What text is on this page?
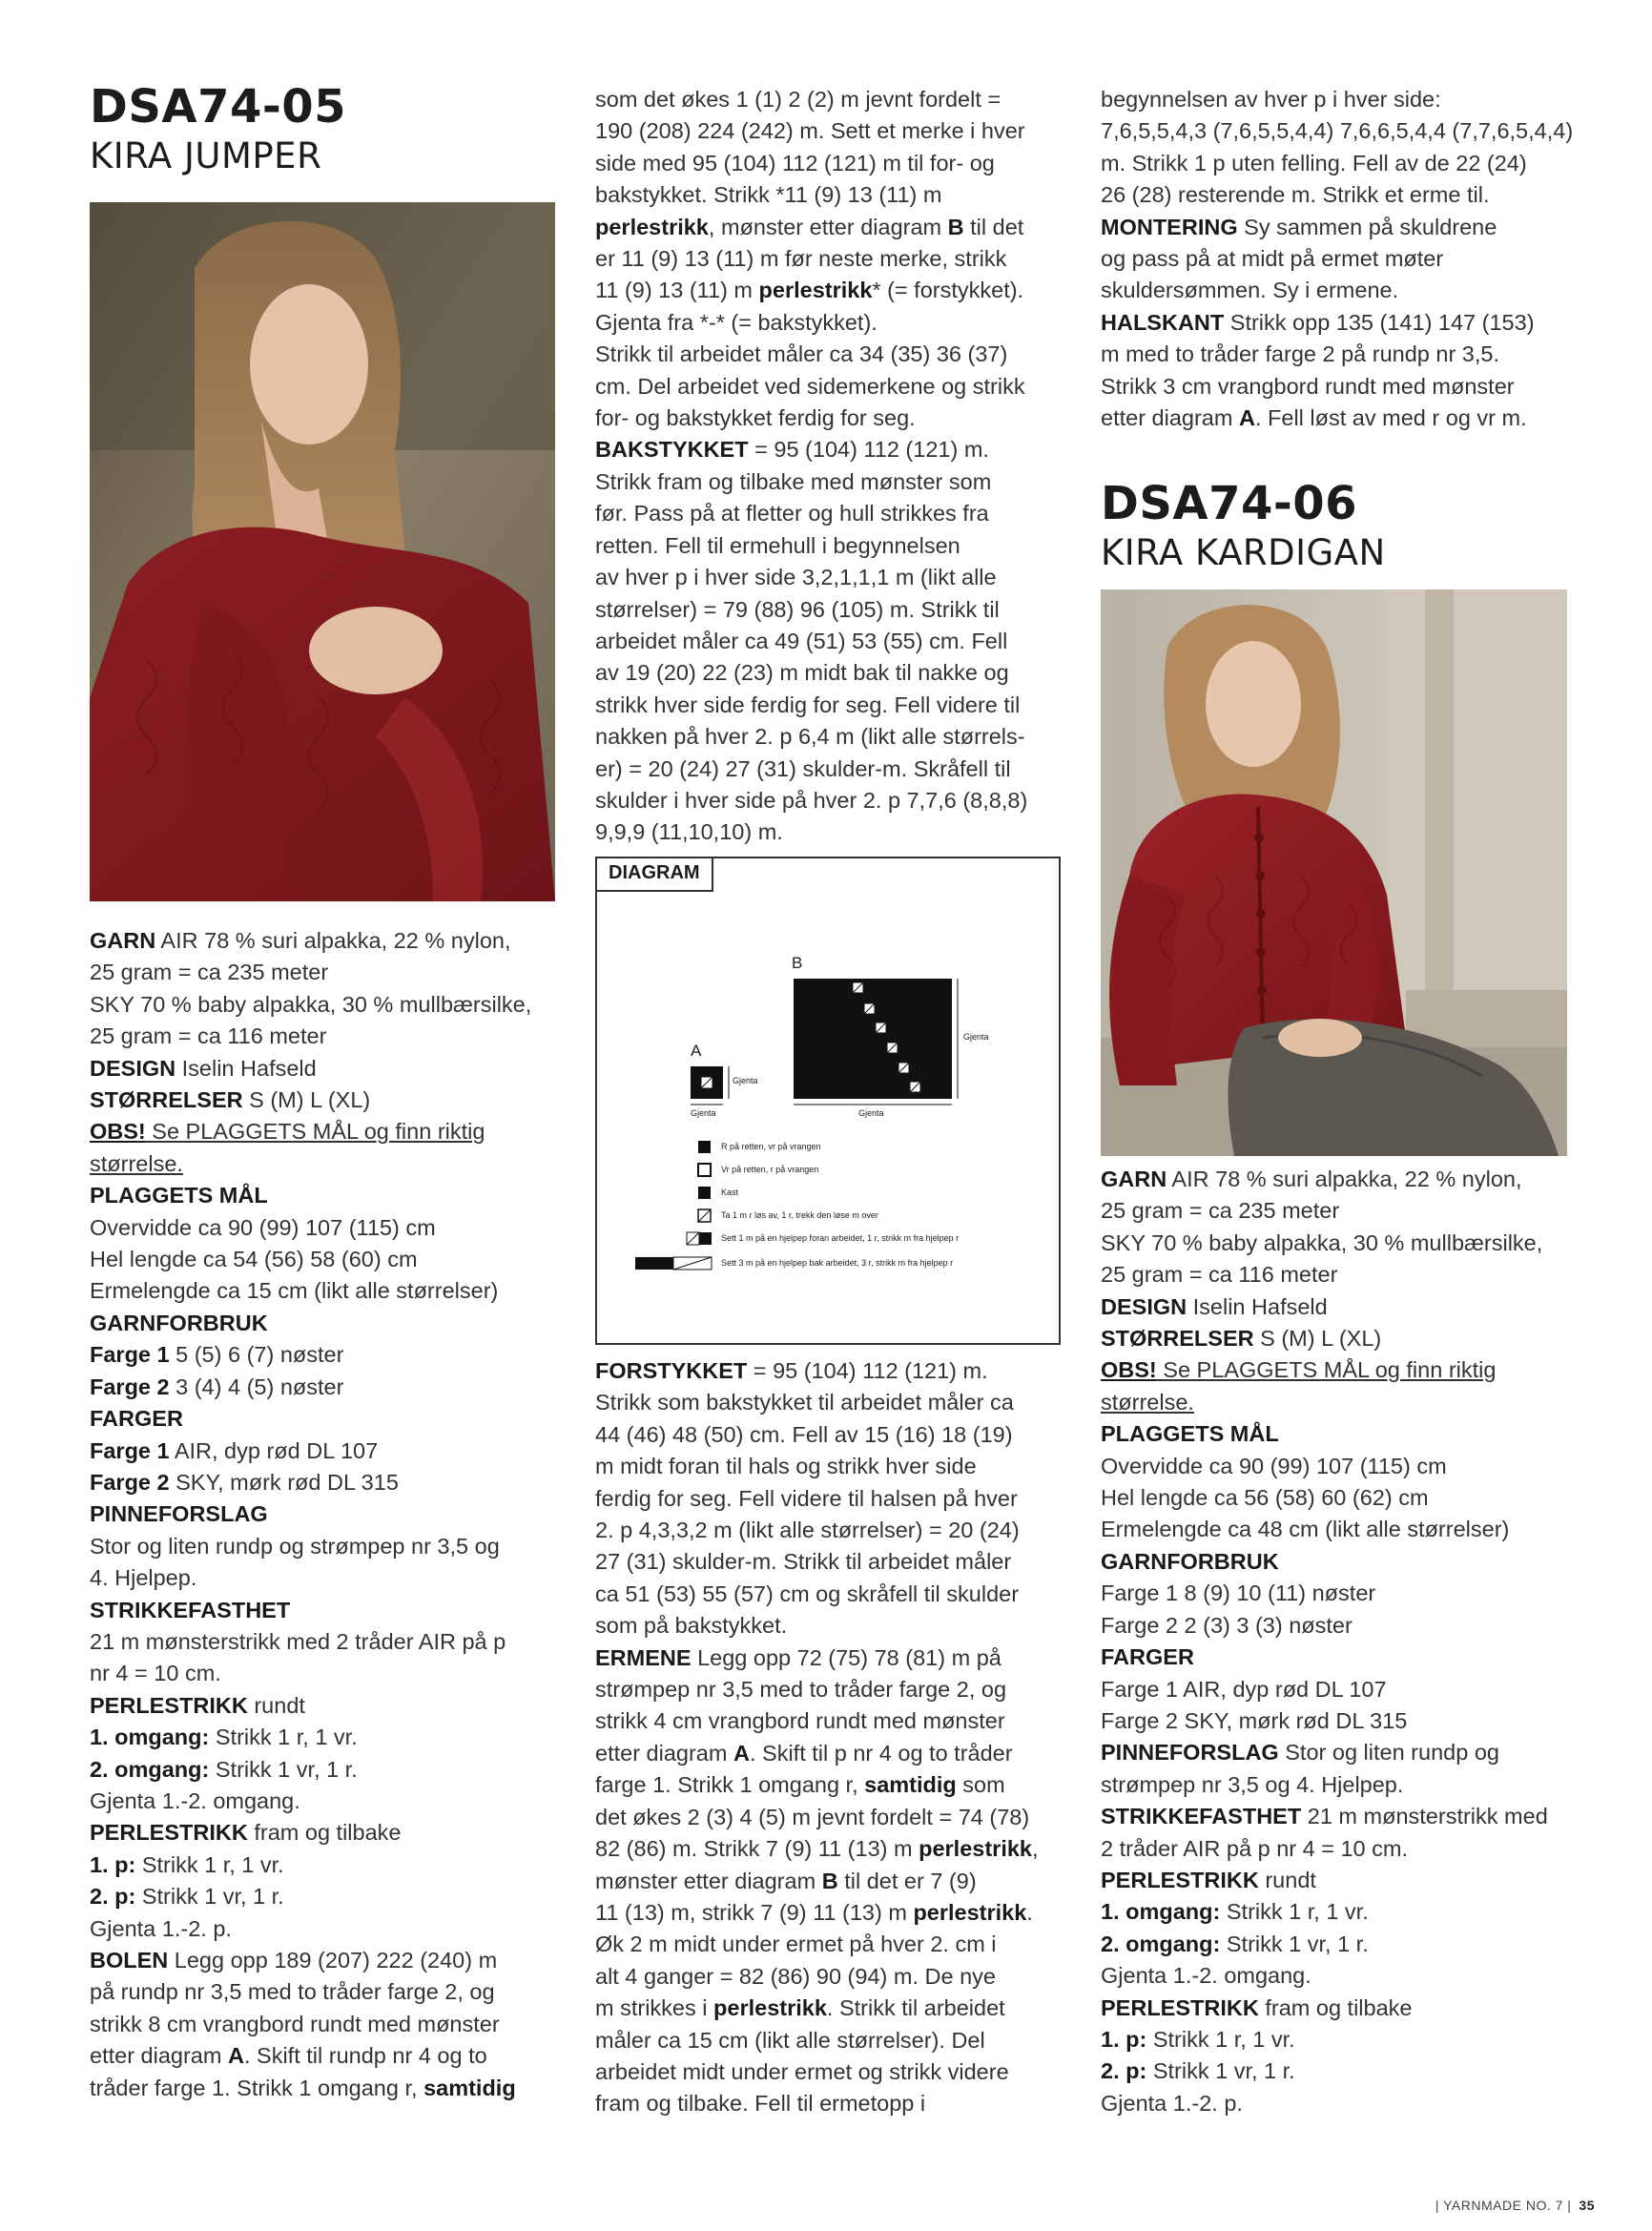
DSA74-05
KIRA JUMPER

GARN AIR 78 % suri alpakka, 22 % nylon,

25 gram = ca 235 meter

SKY 70 % baby alpakka, 30 % mullbærsilke,

25 gram = ca 116 meter

DESIGN Iselin Hafseld

STØRRELSER S (M) L (XL)

OBS! Se PLAGGETS MÅL og finn riktig

størrelse.

PLAGGETS MÅL

Overvidde ca 90 (99) 107 (115) cm

Hel lengde ca 54 (56) 58 (60) cm

Ermelengde ca 15 cm (likt alle størrelser)

GARNFORBRUK

Farge 1 5 (5) 6 (7) nøster

Farge 2 3 (4) 4 (5) nøster

FARGER

Farge 1 AIR, dyp rød DL 107

Farge 2 SKY, mørk rød DL 315

PINNEFORSLAG

Stor og liten rundp og strømpep nr 3,5 og

4. Hjelpep.

STRIKKEFASTHET

21 m mønsterstrikk med 2 tråder AIR på p

nr 4 = 10 cm.

PERLESTRIKK rundt

1. omgang: Strikk 1 r, 1 vr.

2. omgang: Strikk 1 vr, 1 r.

Gjenta 1.-2. omgang.

PERLESTRIKK fram og tilbake

1. p: Strikk 1 r, 1 vr.

2. p: Strikk 1 vr, 1 r.

Gjenta 1.-2. p.

BOLEN Legg opp 189 (207) 222 (240) m

på rundp nr 3,5 med to tråder farge 2, og

strikk 8 cm vrangbord rundt med mønster

etter diagram A. Skift til rundp nr 4 og to

tråder farge 1. Strikk 1 omgang r, samtidig

som det økes 1 (1) 2 (2) m jevnt fordelt =

190 (208) 224 (242) m. Sett et merke i hver

side med 95 (104) 112 (121) m til for- og

bakstykket. Strikk *11 (9) 13 (11) m

perlestrikk, mønster etter diagram B til det

er 11 (9) 13 (11) m før neste merke, strikk

11 (9) 13 (11) m perlestrikk* (= forstykket).

Gjenta fra *-* (= bakstykket).

Strikk til arbeidet måler ca 34 (35) 36 (37)

cm. Del arbeidet ved sidemerkene og strikk

for- og bakstykket ferdig for seg.

BAKSTYKKET = 95 (104) 112 (121) m.

Strikk fram og tilbake med mønster som

før. Pass på at fletter og hull strikkes fra

retten. Fell til ermehull i begynnelsen

av hver p i hver side 3,2,1,1,1 m (likt alle

størrelser) = 79 (88) 96 (105) m. Strikk til

arbeidet måler ca 49 (51) 53 (55) cm. Fell

av 19 (20) 22 (23) m midt bak til nakke og

strikk hver side ferdig for seg. Fell videre til

nakken på hver 2. p 6,4 m (likt alle størrels-

er) = 20 (24) 27 (31) skulder-m. Skråfell til

skulder i hver side på hver 2. p 7,7,6 (8,8,8)

9,9,9 (11,10,10) m.

DIAGRAM
B
A
Gjenta
Gjenta
Gjenta
Gjenta
R på retten, vr på vrangen
Vr på retten, r på vrangen
Kast
Ta 1 m r løs av, 1 r, trekk den løse m over
Sett 1 m på en hjelpep foran arbeidet, 1 r, strikk m fra hjelpep r
Sett 3 m på en hjelpep bak arbeidet, 3 r, strikk m fra hjelpep r

FORSTYKKET = 95 (104) 112 (121) m.

Strikk som bakstykket til arbeidet måler ca

44 (46) 48 (50) cm. Fell av 15 (16) 18 (19)

m midt foran til hals og strikk hver side

ferdig for seg. Fell videre til halsen på hver

2. p 4,3,3,2 m (likt alle størrelser) = 20 (24)

27 (31) skulder-m. Strikk til arbeidet måler

ca 51 (53) 55 (57) cm og skråfell til skulder

som på bakstykket.

ERMENE Legg opp 72 (75) 78 (81) m på

strømpep nr 3,5 med to tråder farge 2, og

strikk 4 cm vrangbord rundt med mønster

etter diagram A. Skift til p nr 4 og to tråder

farge 1. Strikk 1 omgang r, samtidig som

det økes 2 (3) 4 (5) m jevnt fordelt = 74 (78)

82 (86) m. Strikk 7 (9) 11 (13) m perlestrikk,

mønster etter diagram B til det er 7 (9)

11 (13) m, strikk 7 (9) 11 (13) m perlestrikk.

Øk 2 m midt under ermet på hver 2. cm i

alt 4 ganger = 82 (86) 90 (94) m. De nye

m strikkes i perlestrikk. Strikk til arbeidet

måler ca 15 cm (likt alle størrelser). Del

arbeidet midt under ermet og strikk videre

fram og tilbake. Fell til ermetopp i

begynnelsen av hver p i hver side:

7,6,5,5,4,3 (7,6,5,5,4,4) 7,6,6,5,4,4 (7,7,6,5,4,4)

m. Strikk 1 p uten felling. Fell av de 22 (24)

26 (28) resterende m. Strikk et erme til.

MONTERING Sy sammen på skuldrene

og pass på at midt på ermet møter

skuldersømmen. Sy i ermene.

HALSKANT Strikk opp 135 (141) 147 (153)

m med to tråder farge 2 på rundp nr 3,5.

Strikk 3 cm vrangbord rundt med mønster

etter diagram A. Fell løst av med r og vr m.

DSA74-06
KIRA KARDIGAN

GARN AIR 78 % suri alpakka, 22 % nylon,

25 gram = ca 235 meter

SKY 70 % baby alpakka, 30 % mullbærsilke,

25 gram = ca 116 meter

DESIGN Iselin Hafseld

STØRRELSER S (M) L (XL)

OBS! Se PLAGGETS MÅL og finn riktig

størrelse.

PLAGGETS MÅL

Overvidde ca 90 (99) 107 (115) cm

Hel lengde ca 56 (58) 60 (62) cm

Ermelengde ca 48 cm (likt alle størrelser)

GARNFORBRUK

Farge 1 8 (9) 10 (11) nøster

Farge 2 2 (3) 3 (3) nøster

FARGER

Farge 1 AIR, dyp rød DL 107

Farge 2 SKY, mørk rød DL 315

PINNEFORSLAG Stor og liten rundp og

strømpep nr 3,5 og 4. Hjelpep.

STRIKKEFASTHET 21 m mønsterstrikk med

2 tråder AIR på p nr 4 = 10 cm.

PERLESTRIKK rundt

1. omgang: Strikk 1 r, 1 vr.

2. omgang: Strikk 1 vr, 1 r.

Gjenta 1.-2. omgang.

PERLESTRIKK fram og tilbake

1. p: Strikk 1 r, 1 vr.

2. p: Strikk 1 vr, 1 r.

Gjenta 1.-2. p.

| YARNMADE NO. 7 | 35
